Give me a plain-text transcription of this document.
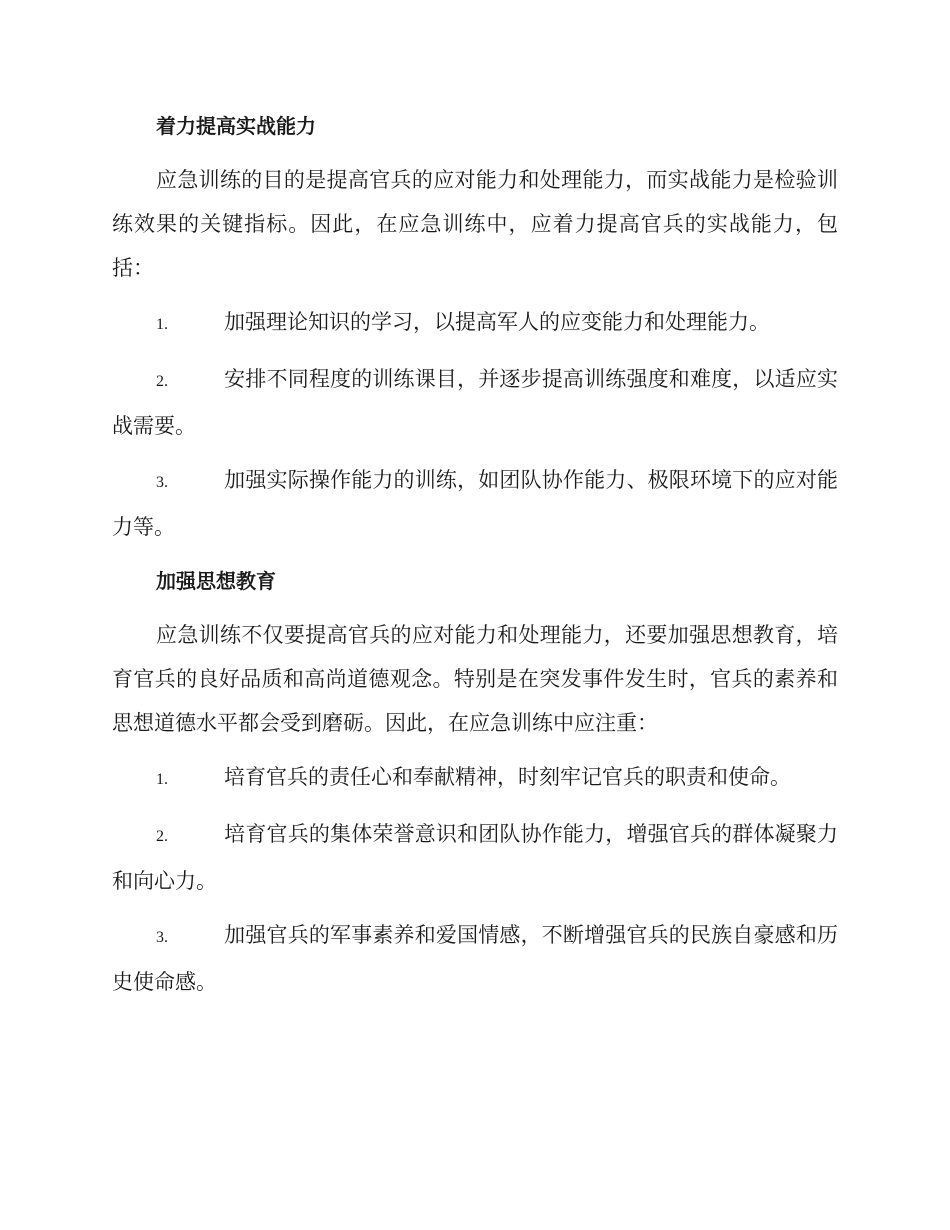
着力提高实战能力

应急训练的目的是提高官兵的应对能力和处理能力，而实战能力是检验训练效果的关键指标。因此，在应急训练中，应着力提高官兵的实战能力，包括：

1.	加强理论知识的学习，以提高军人的应变能力和处理能力。

2.	安排不同程度的训练课目，并逐步提高训练强度和难度，以适应实战需要。

3.	加强实际操作能力的训练，如团队协作能力、极限环境下的应对能力等。

加强思想教育

应急训练不仅要提高官兵的应对能力和处理能力，还要加强思想教育，培育官兵的良好品质和高尚道德观念。特别是在突发事件发生时，官兵的素养和思想道德水平都会受到磨砺。因此，在应急训练中应注重：

1.	培育官兵的责任心和奉献精神，时刻牢记官兵的职责和使命。

2.	培育官兵的集体荣誉意识和团队协作能力，增强官兵的群体凝聚力和向心力。

3.	加强官兵的军事素养和爱国情感，不断增强官兵的民族自豪感和历史使命感。
